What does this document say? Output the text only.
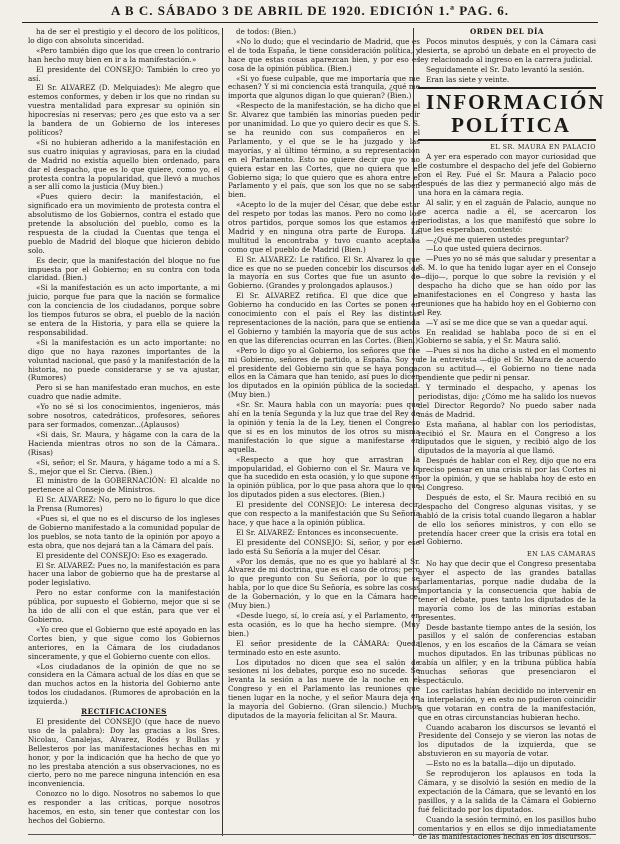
A B C. SÁBADO 3 DE ABRIL DE 1920. EDICIÓN 1.ª PAG. 6.

ha de ser el prestigio y el decoro de los políticos, lo digo con absoluta sinceridad.

«Pero también digo que los que creen lo contrario han hecho muy bien en ir a la manifestación.»

El presidente del CONSEJO: También lo creo yo así.

El Sr. ALVAREZ (D. Melquiades): Me alegro que estemos conformes, y deben ir los que no rindan su vuestra mentalidad para expresar su opinión sin hipocresías ni reservas; pero ¿es que esto va a ser la bandera de un Gobierno de los intereses políticos?

«Si no hubieran adherido a la manifestación en sus cuatro iniquias y agraviosas, para en la ciudad de Madrid no existía aquello bien ordenado, para dar el despacho, que es lo que quiere, como yo, el protesta contra la popularidad, que llevó a muchos a ser allí como la justicia (Muy bien.)

«Pues quiero decir: la manifestación, el significado era un movimiento de protesta contra el absolutismo de los Gobiernos, contra el estado que pretende la absolución del pueblo, como es la respuesta de la ciudad la Cuentas que tenga el pueblo de Madrid del bloque que hicieron debido solo.

Es decir, que la manifestación del bloque no fue impuesta por el Gobierno; en su contra con toda claridad. (Bien.)

«Si la manifestación es un acto importante, a mi juicio, porque fue para que la nación se formalice con la conciencia de los ciudadanos, porque sobre los tiempos futuros se obra, el pueblo de la nación se entera de la Historia, y para ella se quiere la responsabilidad.

«Si la manifestación es un acto importante: no digo que no haya razones importantes de la voluntad nacional, que pasó y la manifestación de la historia, no puede considerarse y se va ajustar, (Rumores)

Pero si se han manifestado eran muchos, en este cuadro que nadie admite.

«Yo no sé si los conocimientos, ingenieros, más sobre nosotros, catedráticos, profesores, señores para ser formados, comenzar...(Aplausos)

«Si dais, Sr. Maura, y hágame con la cara de la Hacienda mientras otros no son de la Cámara..(Risas)

«Si, señor; el Sr. Maura, y hágame todo a mí a S. S., mejor que el Sr. Cierva. (Bien.)

El ministro de la GOBERNACIÓN: El alcalde no pertenece al Consejo de Ministros.

El Sr. ALVAREZ: No, pero no lo figuro lo que dice la Prensa (Rumores)

«Pues si, el que no es el discurso de los ingleses de Gobierno manifestado a la comunidad popular de los pueblos, se nota tanto de la opinión por apoyo a esta obra, que nos dejará tan a la Cámara del país.

El presidente del CONSEJO: Eso es exagerado.

El Sr. ALVAREZ: Pues no, la manifestación es para hacer una labor de gobierno que ha de prestarse al poder legislativo.

Pero no estar conforme con la manifestación pública, por supuesto el Gobierno, mejor que si se ha ido de allí con el que están, para que ver el Gobierno.

«Yo creo que el Gobierno que esté apoyado en las Cortes bien, y que sigue como los Gobiernos anteriores, en la Cámara de los ciudadanos sinceramente, y que el Gobierno cuente con ellos.

«Los ciudadanos de la opinión de que no se considera en la Cámara actual de los días en que se dan muchos actos en la historia del Gobierno ante todos los ciudadanos. (Rumores de aprobación en la izquierda.)

RECTIFICACIONES

El presidente del CONSEJO (que hace de nuevo uso de la palabra): Doy las gracias a los Sres. Nicolau, Canalejas, Alvarez, Rodés y Bullas y Bellesteros por las manifestaciones hechas en mi honor, y por la indicación que ha hecho de que yo no les prestaba atención a sus observaciones, no es cierto, pero no me parece ninguna intención en esa inconveniencia.

Conozco no lo digo. Nosotros no sabemos lo que es responder a las críticas, porque nosotros hacemos, en esto, sin tener que contestar con los hechos del Gobierno.

de todos: (Bien.)

«No lo dudo; que el vecindario de Madrid, que es el de toda España, le tiene consideración política, y hace que estas cosas aparezcan bien, y por eso es cosa de la opinión pública. (Bien.)

«Si yo fuese culpable, que me importaría que me echasen? Y si mi conciencia está tranquila, ¿qué me importa que algunos digan lo que quieran? (Bien.)

«Respecto de la manifestación, se ha dicho que el Sr. Alvarez que también las minorías pueden pedir por unanimidad. Lo que yo quiero decir es que S. S. se ha reunido con sus compañeros en el Parlamento, y el que se le ha juzgado y las mayorías, y al último término, a su representación en el Parlamento. Esto no quiere decir que yo no quiera estar en las Cortes, que no quiera que el Gobierno siga; lo que quiero que es ahora entre el Parlamento y el país, que son los que no se saben bien.

«Acepto lo de la mujer del César, que debe estar del respeto por todas las manos. Pero no como los otros partidos, porque somos los que estamos en Madrid y en ninguna otra parte de Europa. La multitud la encontraba y tuvo cuanto aceptaba como que el pueblo de Madrid (Bien.)

El Sr. ALVAREZ: Le ratifico. El Sr. Alvarez lo que dice es que no se pueden concebir los discursos de la mayoría en sus Cortes que fue un asunto de Gobierno. (Grandes y prolongados aplausos.)

El Sr. ALVAREZ retifica. El que dice que el Gobierno ha conducido en las Cortes se ponen en conocimiento con el país el Rey las distintas representaciones de la nación, para que se entienda el Gobierno y también la mayoría que de sus actos en que las diferencias ocurran en las Cortes. (Bien.)

«Pero lo digo yo al Gobierno, los señores que fue mi Gobierno, señores de partido, a España. Soy yo el presidente del Gobierno sin que se haya ponga, ellos en la Cámara que han tenido, así pues lo dicen los diputados en la opinión pública de la sociedad. (Muy bien.)

«Sr. Sr. Maura habla con un mayoría: pues que ahí en la tenía Segunda y la luz que trae del Rey de la opinión y tenía la de la Ley, tienen el Congreso que si es en los minutos de los otros su misma manifestación lo que sigue a manifestarse en aquella.

«Respecto a que hoy que arrastran la impopularidad, el Gobierno con el Sr. Maura ve lo que ha sucedido en esta ocasión, y lo que supone en la opinión pública, por lo que pasa ahora que lo que los diputados piden a sus electores. (Bien.)

El presidente del CONSEJO: Le interesa decir, que con respecto a la manifestación que Su Señoría hace, y que hace a la opinión pública.

El Sr. ALVAREZ: Entonces es inconsecuente.

El presidente del CONSEJO: Sí, señor, y por ese lado está Su Señoría a la mujer del César.

«Por los demás, que no es que yo hablaré al Sr. Alvarez de mi doctrina, que es el caso de otros; pero lo que pregunto con Su Señoría, por lo que se habla, por lo que dice Su Señoría, es sobre las cosas de la Gobernación, y lo que en la Cámara hace. (Muy bien.)

«Desde luego, sí, lo creía así, y el Parlamento, en esta ocasión, es lo que ha hecho siempre. (Muy bien.)

El señor presidente de la CÁMARA: Queda terminado esto en este asunto.

Los diputados no dicen que sea el salón de sesiones ni los debates, porque eso no sucede. Se levanta la sesión a las nueve de la noche en el Congreso y en el Parlamento las reuniones que tienen lugar en la noche, y el señor Maura deja en la mayoría del Gobierno. (Gran silencio.) Muchos diputados de la mayoría felicitan al Sr. Maura.

ORDEN DEL DÍA

Pocos minutos después, y con la Cámara casi desierta, se aprobó un debate en el proyecto de ley relacionado al ingreso en la carrera judicial.

Seguidamente el Sr. Dato levantó la sesión.

Eran las siete y veinte.

INFORMACIÓN

POLÍTICA

EL SR. MAURA EN PALACIO

A yer era esperado con mayor curiosidad que de costumbre el despacho del jefe del Gobierno con el Rey. Fué el Sr. Maura a Palacio poco después de las diez y permaneció algo más de una hora en la cámara regia.

Al salir, y en el zaguán de Palacio, aunque no se acerca nadie a él, se acercaron los periodistas, a los que manifestó que sobre lo que les esperaban, contestó:

—¿Qué me quieren ustedes preguntar?

—Lo que usted quiera decirnos.

—Pues yo no sé más que saludar y presentar a S. M. lo que ha tenido lugar ayer en el Consejo—dijo—, porque lo que sobre la revisión y el despacho ha dicho que se han oído por las manifestaciones en el Congreso y hasta las reuniones que ha habido hoy en el Gobierno con el Rey.

—Y así se me dice que se van a quedar aquí.

En realidad se hablaba poco de si en el Gobierno se sabía, y el Sr. Maura salió.

—Pues si nos ha dicho a usted en el momento de la entrevista —dijo el Sr. Maura de acuerdo con su actitud—, el Gobierno no tiene nada pendiente que pedir ni pensar.

Y terminado el despacho, y apenas los periodistas, dijo: ¿Cómo me ha salido los nuevos del Director Regordo? No puedo saber nada más de Madrid.

Esta mañana, al hablar con los periodistas, recibió el Sr. Maura en el Congreso a los diputados que le siguen, y recibió algo de los diputados de la mayoría al que llamó.

Después de hablar con el Rey, dijo que no era preciso pensar en una crisis ni por las Cortes ni por la opinión, y que se hablaba hoy de esto en el Congreso.

Después de esto, el Sr. Maura recibió en su despacho del Congreso algunas visitas, y se habló de la crisis total cuando llegaron a hablar de ello los señores ministros, y con ello se pretendía hacer creer que la crisis era total en el Gobierno.

EN LAS CÁMARAS

No hay que decir que el Congreso presentaba ayer el aspecto de las grandes batallas parlamentarias, porque nadie dudaba de la importancia y la consecuencia que había de tener el debate, pues tanto los diputados de la mayoría como los de las minorías estaban presentes.

Desde bastante tiempo antes de la sesión, los pasillos y el salón de conferencias estaban llenos, y en los escaños de la Cámara se veían muchos diputados. En las tribunas públicas no cabía un alfiler, y en la tribuna pública había muchas señoras que presenciaron el espectáculo.

Los carlistas habían decidido no intervenir en la interpelación, y en esto no pudieron coincidir a que votaran en contra de la manifestación, que en otras circunstancias hubieran hecho.

Cuando acabaron los discursos se levantó el Presidente del Consejo y se vieron las notas de los diputados de la izquierda, que se abstuvieron en su mayoría de votar.

—Esto no es la batalla—dijo un diputado.

Se reprodujeron los aplausos en toda la Cámara, y se disolvió la sesión en medio de la expectación de la Cámara, que se levantó en los pasillos, y a la salida de la Cámara el Gobierno fué felicitado por los diputados.

Cuando la sesión terminó, en los pasillos hubo comentarios y en ellos se dijo inmediatamente de las manifestaciones hechas en los discursos.
